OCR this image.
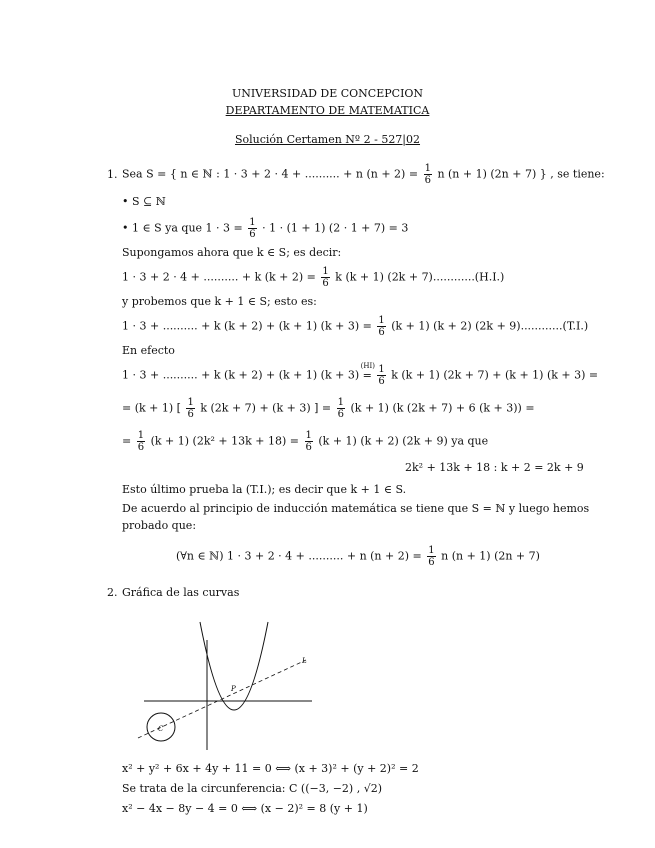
UNIVERSIDAD DE CONCEPCION
DEPARTAMENTO DE MATEMATICA
Solución Certamen Nº 2 - 527|02
1. Sea S = { n ∈ ℕ : 1 · 3 + 2 · 4 + .......... + n $(n + 2) = \frac{1}{6}$ n (n + 1) (2n + 7) } , se tiene:
• S ⊆ ℕ
• 1 ∈ S ya que $1 \cdot 3 = \frac{1}{6} \cdot 1 \cdot (1 + 1) (2 \cdot 1 + 7) = 3$
Supongamos ahora que k ∈ S; es decir:
1 · 3 + 2 · 4 + .......... + k $(k + 2) = \frac{1}{6}$ k (k + 1) (2k + 7)............(H.I.)
y probemos que k + 1 ∈ S; esto es:
1 · 3 + .......... + k (k + 2) + (k + 1) $(k + 3) = \frac{1}{6} (k + 1) (k + 2) (2k + 9)............(T.I.)$
En efecto
1 · 3 + .......... + k (k + 2) + (k + 1) (k + 3)
(HI)
= $\frac{1}{6}$ k (k + 1) (2k + 7) + (k + 1) (k + 3) =
= (k + 1) [ $\frac{1}{6}$ k (2k + 7) + (k + 3) ] = $\frac{1}{6} (k + 1)$ (k (2k + 7) + 6 (k + 3)) =
= $\frac{1}{6} (k + 1) (2k^2 + 13k + 18) = \frac{1}{6} (k + 1) (k + 2) (2k + 9)$ ya que
2k² + 13k + 18 : k + 2 = 2k + 9
Esto último prueba la (T.I.); es decir que k + 1 ∈ S.
De acuerdo al principio de inducción matemática se tiene que S = ℕ y luego hemos
probado que:
(∀n ∈ ℕ) 1 · 3 + 2 · 4 + .......... + n $(n + 2) = \frac{1}{6}$ n (n + 1) (2n + 7)
2. Gráfica de las curvas
C
P
L
x² + y² + 6x + 4y + 11 = 0 ⟺ (x + 3)² + (y + 2)² = 2
Se trata de la circunferencia: C ((−3, −2) , √2)
x² − 4x − 8y − 4 = 0 ⟺ (x − 2)² = 8 (y + 1)
